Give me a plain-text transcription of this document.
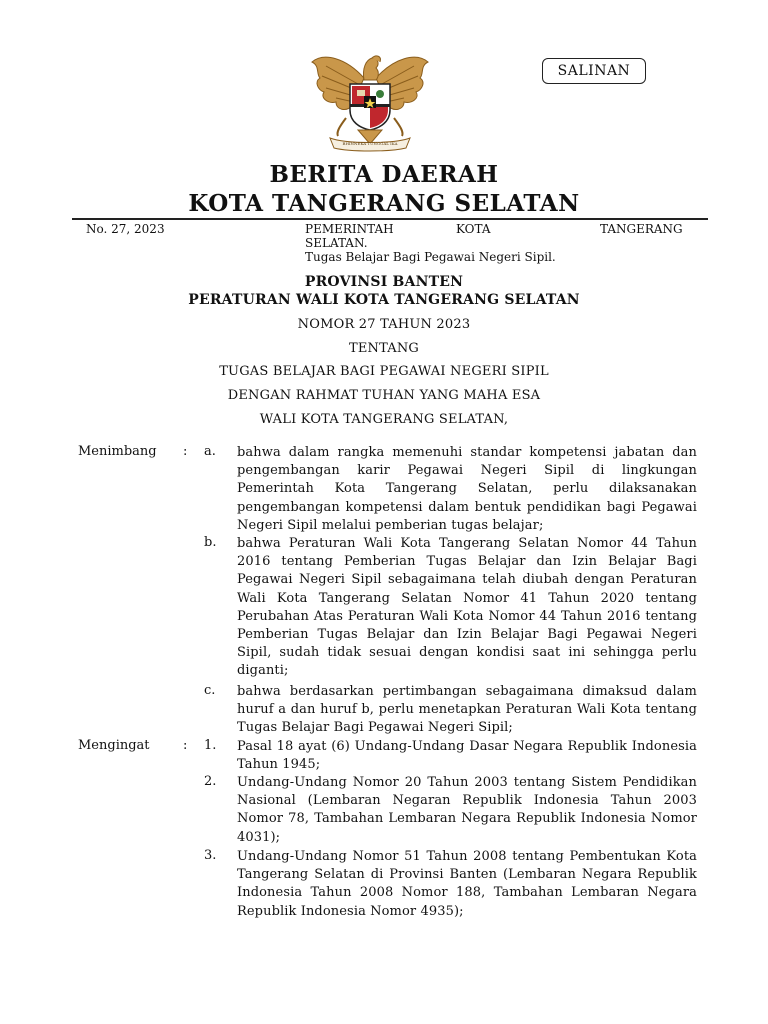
BHINNEKA TUNGGAL IKA
SALINAN
BERITA DAERAH
KOTA TANGERANG SELATAN
No. 27, 2023	PEMERINTAH	KOTA	TANGERANG
SELATAN.
Tugas Belajar Bagi Pegawai Negeri Sipil.
PROVINSI BANTEN
PERATURAN WALI KOTA TANGERANG SELATAN
NOMOR 27 TAHUN 2023
TENTANG
TUGAS BELAJAR BAGI PEGAWAI NEGERI SIPIL
DENGAN RAHMAT TUHAN YANG MAHA ESA
WALI KOTA TANGERANG SELATAN,
Menimbang : a. bahwa dalam rangka memenuhi standar kompetensi jabatan dan pengembangan karir Pegawai Negeri Sipil di lingkungan Pemerintah Kota Tangerang Selatan, perlu dilaksanakan pengembangan kompetensi dalam bentuk pendidikan bagi Pegawai Negeri Sipil melalui pemberian tugas belajar;
b. bahwa Peraturan Wali Kota Tangerang Selatan Nomor 44 Tahun 2016 tentang Pemberian Tugas Belajar dan Izin Belajar Bagi Pegawai Negeri Sipil sebagaimana telah diubah dengan Peraturan Wali Kota Tangerang Selatan Nomor 41 Tahun 2020 tentang Perubahan Atas Peraturan Wali Kota Nomor 44 Tahun 2016 tentang Pemberian Tugas Belajar dan Izin Belajar Bagi Pegawai Negeri Sipil, sudah tidak sesuai dengan kondisi saat ini sehingga perlu diganti;
c. bahwa berdasarkan pertimbangan sebagaimana dimaksud dalam huruf a dan huruf b, perlu menetapkan Peraturan Wali Kota tentang Tugas Belajar Bagi Pegawai Negeri Sipil;
Mengingat	: 1. Pasal 18 ayat (6) Undang-Undang Dasar Negara Republik Indonesia Tahun 1945;
2. Undang-Undang Nomor 20 Tahun 2003 tentang Sistem Pendidikan Nasional (Lembaran Negaran Republik Indonesia Tahun 2003 Nomor 78, Tambahan Lembaran Negara Republik Indonesia Nomor 4031);
3. Undang-Undang Nomor 51 Tahun 2008 tentang Pembentukan Kota Tangerang Selatan di Provinsi Banten (Lembaran Negara Republik Indonesia Tahun 2008 Nomor 188, Tambahan Lembaran Negara Republik Indonesia Nomor 4935);
